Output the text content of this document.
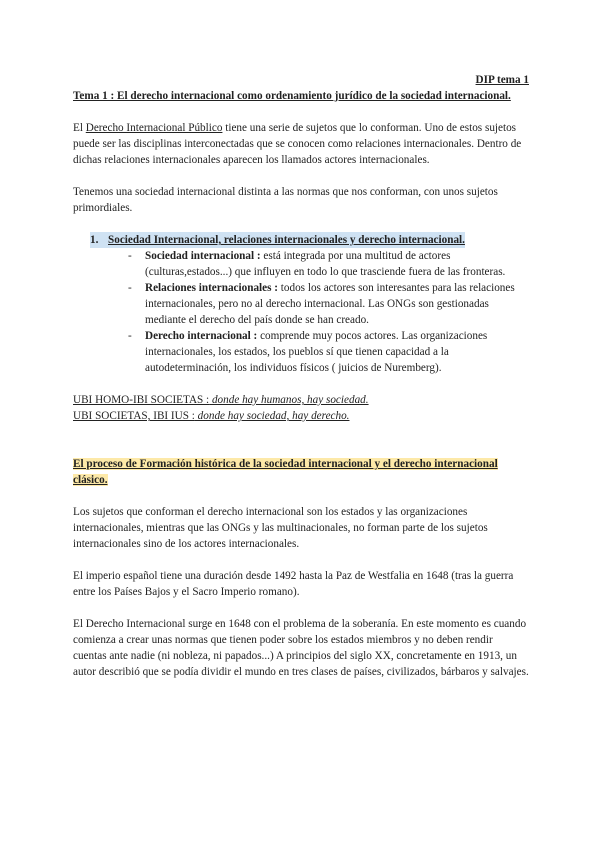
DIP tema 1

Tema 1 : El derecho internacional como ordenamiento jurídico de la sociedad internacional.

El Derecho Internacional Público tiene una serie de sujetos que lo conforman. Uno de estos sujetos puede ser las disciplinas interconectadas que se conocen como relaciones internacionales. Dentro de dichas relaciones internacionales aparecen los llamados actores internacionales.

Tenemos una sociedad internacional distinta a las normas que nos conforman, con unos sujetos primordiales.

1. Sociedad Internacional, relaciones internacionales y derecho internacional.
- Sociedad internacional : está integrada por una multitud de actores (culturas,estados...) que influyen en todo lo que trasciende fuera de las fronteras.
- Relaciones internacionales : todos los actores son interesantes para las relaciones internacionales, pero no al derecho internacional. Las ONGs son gestionadas mediante el derecho del país donde se han creado.
- Derecho internacional : comprende muy pocos actores. Las organizaciones internacionales, los estados, los pueblos sí que tienen capacidad a la autodeterminación, los individuos físicos ( juicios de Nuremberg).

UBI HOMO-IBI SOCIETAS : donde hay humanos, hay sociedad.

UBI SOCIETAS, IBI IUS : donde hay sociedad, hay derecho.

El proceso de Formación histórica de la sociedad internacional y el derecho internacional clásico.

Los sujetos que conforman el derecho internacional son los estados y las organizaciones internacionales, mientras que las ONGs y las multinacionales, no forman parte de los sujetos internacionales sino de los actores internacionales.

El imperio español tiene una duración desde 1492 hasta la Paz de Westfalia en 1648 (tras la guerra entre los Países Bajos y el Sacro Imperio romano).

El Derecho Internacional surge en 1648 con el problema de la soberanía. En este momento es cuando comienza a crear unas normas que tienen poder sobre los estados miembros y no deben rendir cuentas ante nadie (ni nobleza, ni papados...) A principios del siglo XX, concretamente en 1913, un autor describió que se podía dividir el mundo en tres clases de países, civilizados, bárbaros y salvajes.
